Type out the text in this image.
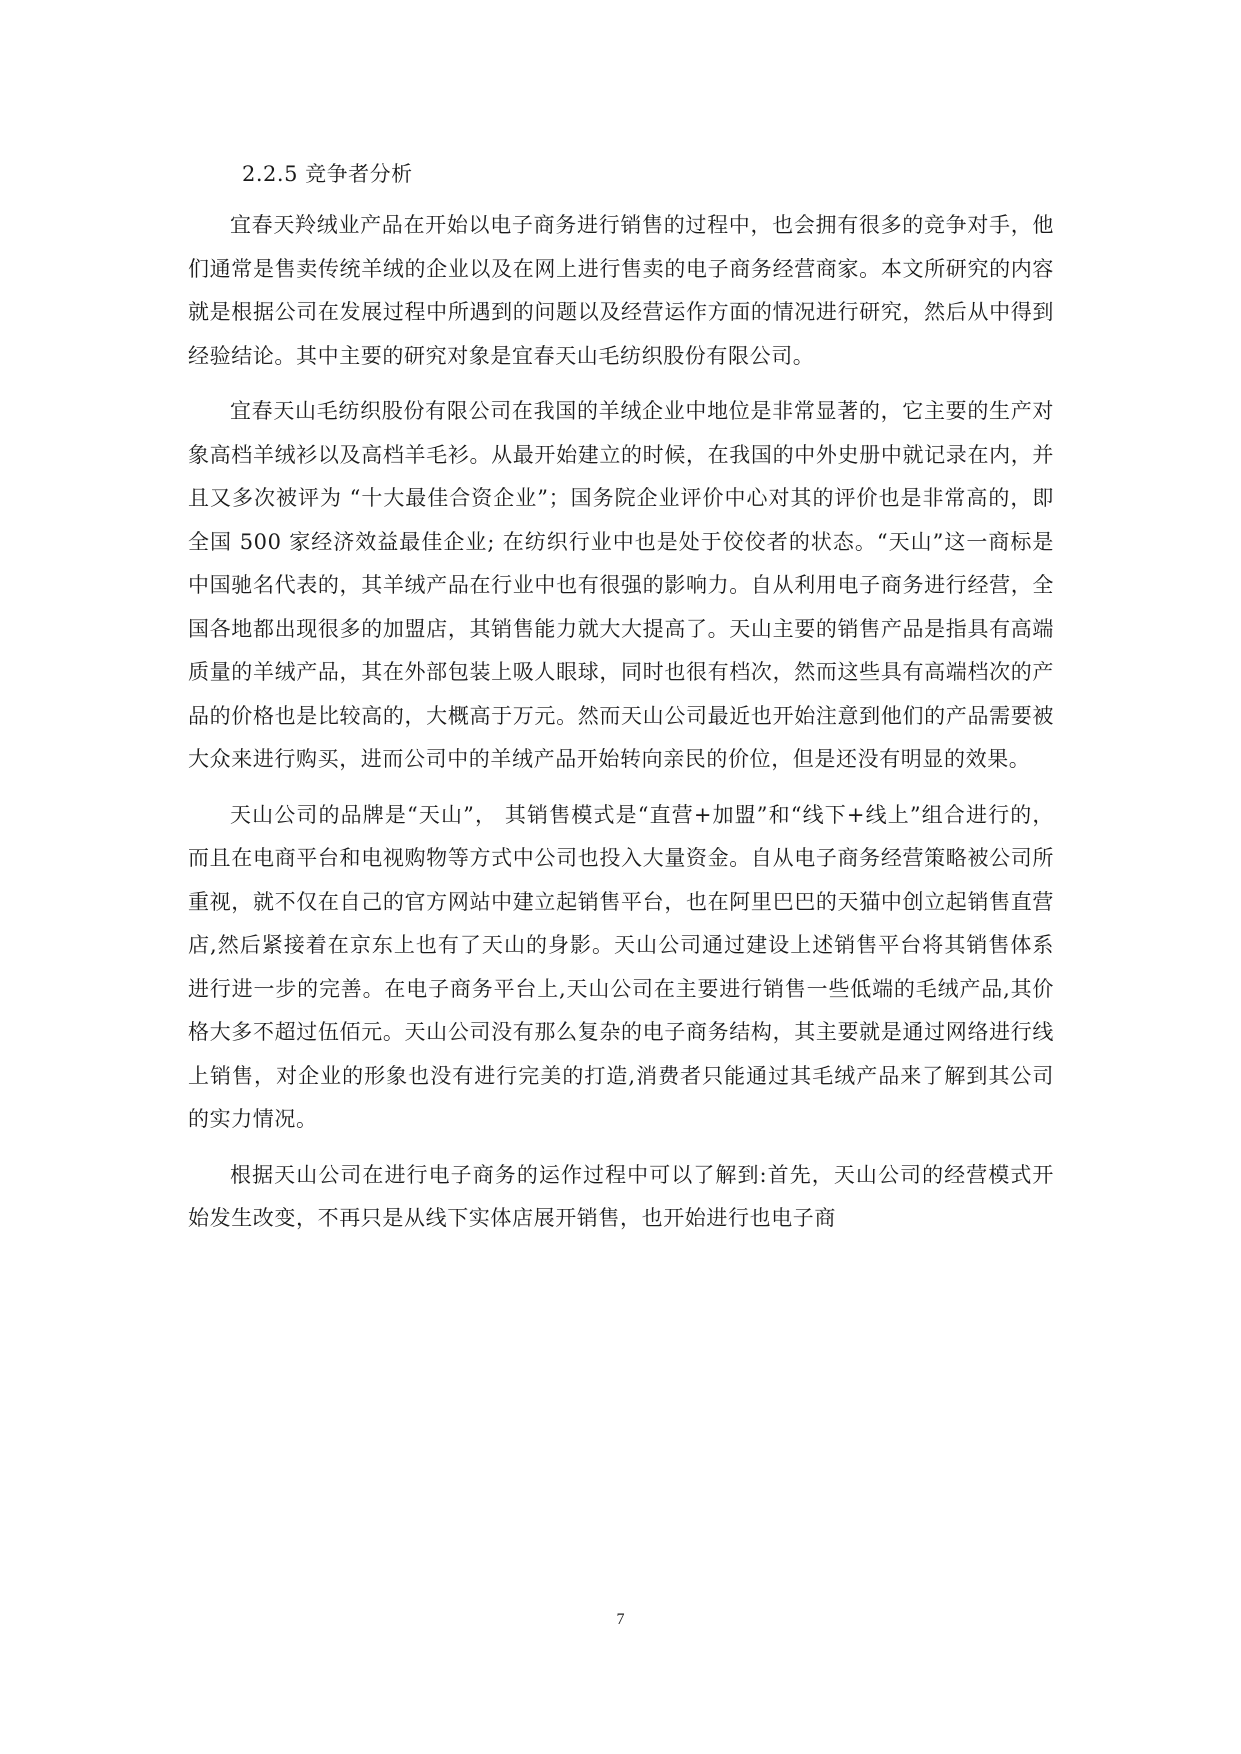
2.2.5 竞争者分析

宜春天羚绒业产品在开始以电子商务进行销售的过程中，也会拥有很多的竞争对手，他们通常是售卖传统羊绒的企业以及在网上进行售卖的电子商务经营商家。本文所研究的内容就是根据公司在发展过程中所遇到的问题以及经营运作方面的情况进行研究，然后从中得到经验结论。其中主要的研究对象是宜春天山毛纺织股份有限公司。

宜春天山毛纺织股份有限公司在我国的羊绒企业中地位是非常显著的，它主要的生产对象高档羊绒衫以及高档羊毛衫。从最开始建立的时候，在我国的中外史册中就记录在内，并且又多次被评为 “十大最佳合资企业”；国务院企业评价中心对其的评价也是非常高的，即全国 500 家经济效益最佳企业; 在纺织行业中也是处于佼佼者的状态。“天山”这一商标是中国驰名代表的，其羊绒产品在行业中也有很强的影响力。自从利用电子商务进行经营，全国各地都出现很多的加盟店，其销售能力就大大提高了。天山主要的销售产品是指具有高端质量的羊绒产品，其在外部包装上吸人眼球，同时也很有档次，然而这些具有高端档次的产品的价格也是比较高的，大概高于万元。然而天山公司最近也开始注意到他们的产品需要被大众来进行购买，进而公司中的羊绒产品开始转向亲民的价位，但是还没有明显的效果。

天山公司的品牌是“天山”， 其销售模式是“直营+加盟”和“线下+线上”组合进行的，而且在电商平台和电视购物等方式中公司也投入大量资金。自从电子商务经营策略被公司所重视，就不仅在自己的官方网站中建立起销售平台，也在阿里巴巴的天猫中创立起销售直营店,然后紧接着在京东上也有了天山的身影。天山公司通过建设上述销售平台将其销售体系进行进一步的完善。在电子商务平台上,天山公司在主要进行销售一些低端的毛绒产品,其价格大多不超过伍佰元。天山公司没有那么复杂的电子商务结构，其主要就是通过网络进行线上销售，对企业的形象也没有进行完美的打造,消费者只能通过其毛绒产品来了解到其公司的实力情况。

根据天山公司在进行电子商务的运作过程中可以了解到:首先，天山公司的经营模式开始发生改变，不再只是从线下实体店展开销售，也开始进行也电子商

7
